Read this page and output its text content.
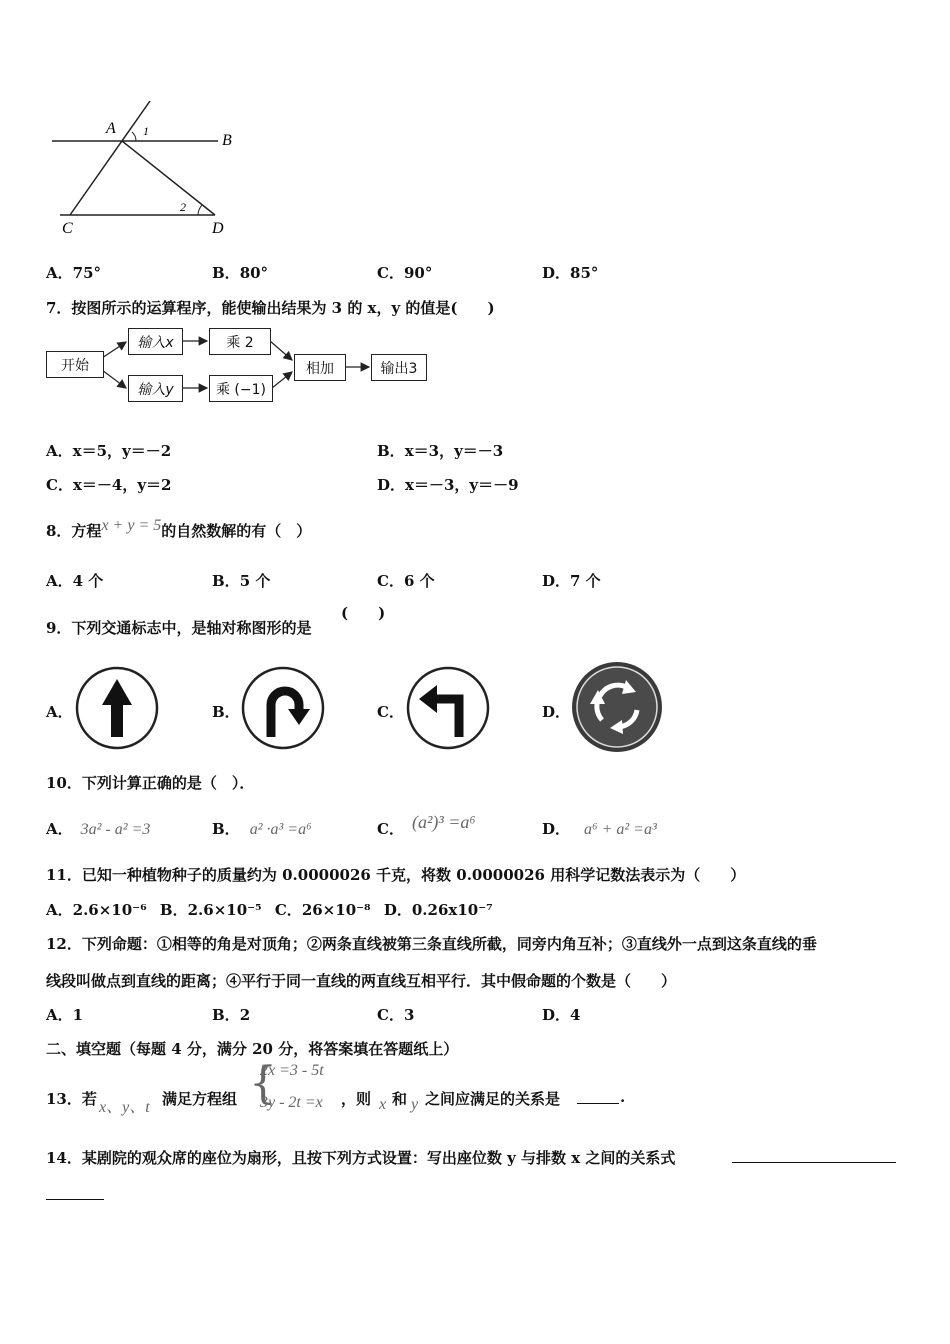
A 1
B
C
2
D
A．75°	B．80°	C．90°	D．85°
7．按图所示的运算程序，能使输出结果为 3 的 x，y 的值是(　　)
开始
输入x	乘 2
输入y	乘 (−1)
相加	输出3
A．x＝5，y＝－2	B．x＝3，y＝－3
C．x＝－4，y＝2	D．x＝－3，y＝－9
8．方程x + y = 5的自然数解的有（　）
A．4 个	B．5 个	C．6 个	D．7 个
9．下列交通标志中，是轴对称图形的是
(　　)
A．	B．	C．	D．
10．下列计算正确的是（　）．
A． 3a² - a² =3	B． a² ·a³ =a⁶	C． (a²)³ =a⁶	D． a⁶ + a² =a³
11．已知一种植物种子的质量约为 0.0000026 千克，将数 0.0000026 用科学记数法表示为（　　）
A．2.6×10⁻⁶ B．2.6×10⁻⁵ C．26×10⁻⁸ D．0.26x10⁻⁷
12．下列命题：①相等的角是对顶角；②两条直线被第三条直线所截，同旁内角互补；③直线外一点到这条直线的垂
线段叫做点到直线的距离；④平行于同一直线的两直线互相平行．其中假命题的个数是（　　）
A．1	B．2	C．3	D．4
二、填空题（每题 4 分，满分 20 分，将答案填在答题纸上）
13．若 x、y、t 满足方程组 {
2x =3 - 5t
3y - 2t =x ，则 x 和 y 之间应满足的关系是	.
14．某剧院的观众席的座位为扇形，且按下列方式设置：写出座位数 y 与排数 x 之间的关系式
